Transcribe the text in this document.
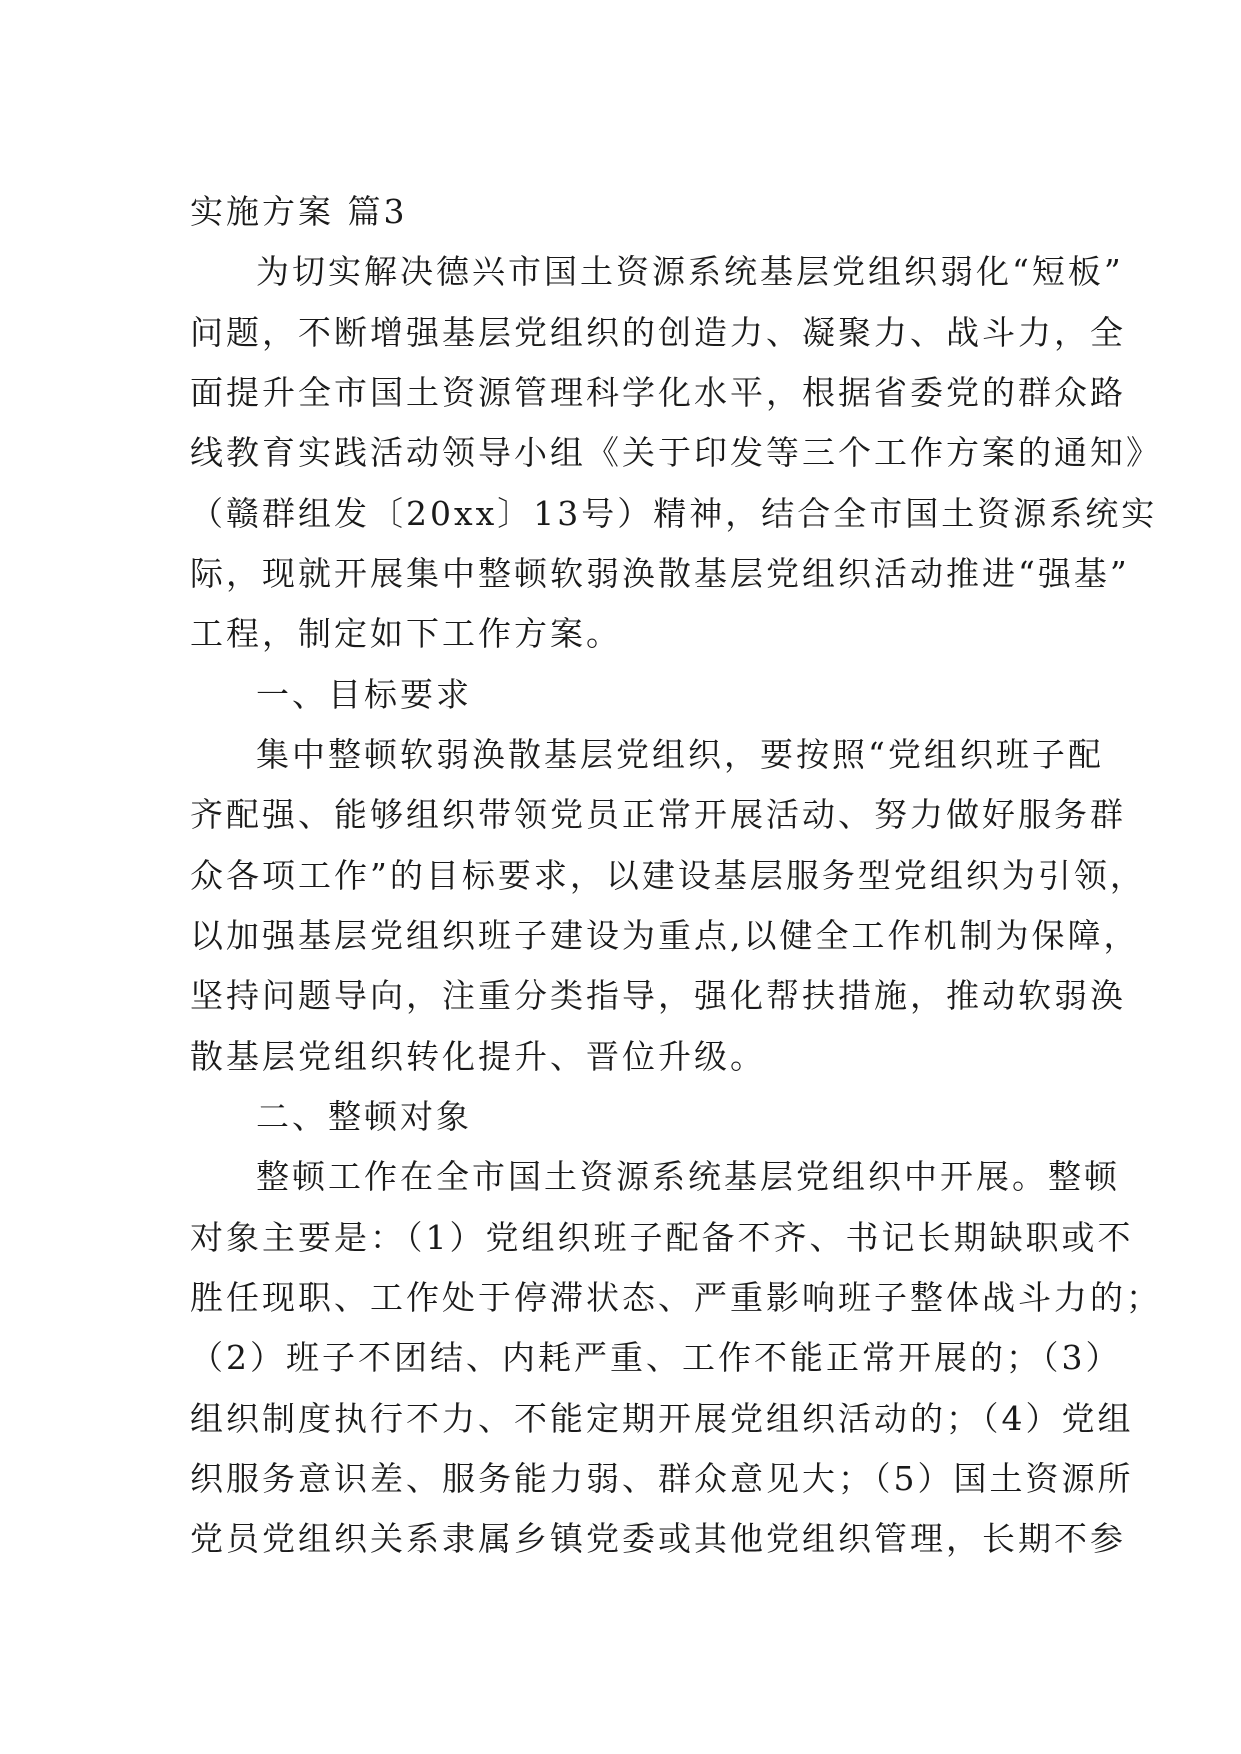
实施方案 篇3
为切实解决德兴市国土资源系统基层党组织弱化“短板”
问题，不断增强基层党组织的创造力、凝聚力、战斗力，全
面提升全市国土资源管理科学化水平，根据省委党的群众路
线教育实践活动领导小组《关于印发等三个工作方案的通知》
（赣群组发〔20xx〕13号）精神，结合全市国土资源系统实
际，现就开展集中整顿软弱涣散基层党组织活动推进“强基”
工程，制定如下工作方案。
一、目标要求
集中整顿软弱涣散基层党组织，要按照“党组织班子配
齐配强、能够组织带领党员正常开展活动、努力做好服务群
众各项工作”的目标要求，以建设基层服务型党组织为引领，
以加强基层党组织班子建设为重点,以健全工作机制为保障，
坚持问题导向，注重分类指导，强化帮扶措施，推动软弱涣
散基层党组织转化提升、晋位升级。
二、整顿对象
整顿工作在全市国土资源系统基层党组织中开展。整顿
对象主要是：（1）党组织班子配备不齐、书记长期缺职或不
胜任现职、工作处于停滞状态、严重影响班子整体战斗力的；
（2）班子不团结、内耗严重、工作不能正常开展的；（3）
组织制度执行不力、不能定期开展党组织活动的；（4）党组
织服务意识差、服务能力弱、群众意见大；（5）国土资源所
党员党组织关系隶属乡镇党委或其他党组织管理，长期不参
